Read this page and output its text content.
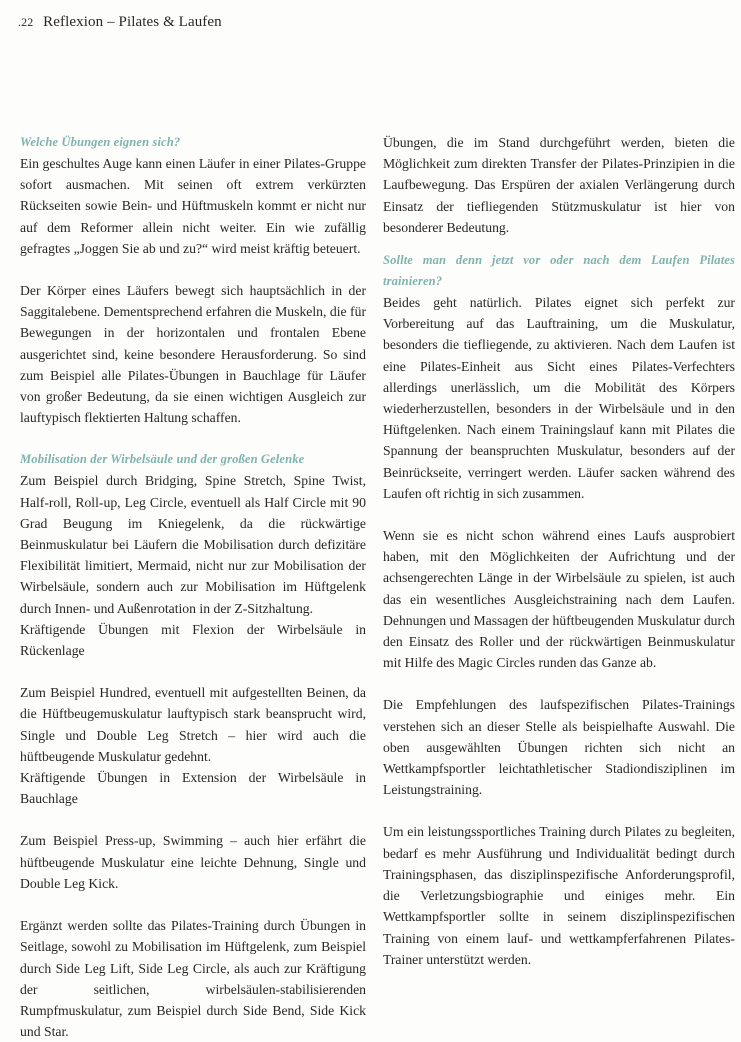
.22 Reflexion – Pilates & Laufen
Welche Übungen eignen sich?

Ein geschultes Auge kann einen Läufer in einer Pilates-Gruppe sofort ausmachen. Mit seinen oft extrem verkürzten Rückseiten sowie Bein- und Hüftmuskeln kommt er nicht nur auf dem Reformer allein nicht weiter. Ein wie zufällig gefragtes „Joggen Sie ab und zu?“ wird meist kräftig beteuert.

Der Körper eines Läufers bewegt sich hauptsächlich in der Saggitalebene. Dementsprechend erfahren die Muskeln, die für Bewegungen in der horizontalen und frontalen Ebene ausgerichtet sind, keine besondere Herausforderung. So sind zum Beispiel alle Pilates-Übungen in Bauchlage für Läufer von großer Bedeutung, da sie einen wichtigen Ausgleich zur lauftypisch flektierten Haltung schaffen.

Mobilisation der Wirbelsäule und der großen Gelenke

Zum Beispiel durch Bridging, Spine Stretch, Spine Twist, Half-roll, Roll-up, Leg Circle, eventuell als Half Circle mit 90 Grad Beugung im Kniegelenk, da die rückwärtige Beinmuskulatur bei Läufern die Mobilisation durch defizitäre Flexibilität limitiert, Mermaid, nicht nur zur Mobilisation der Wirbelsäule, sondern auch zur Mobilisation im Hüftgelenk durch Innen- und Außenrotation in der Z-Sitzhaltung.

Kräftigende Übungen mit Flexion der Wirbelsäule in Rückenlage

Zum Beispiel Hundred, eventuell mit aufgestellten Beinen, da die Hüftbeugemuskulatur lauftypisch stark beansprucht wird, Single und Double Leg Stretch – hier wird auch die hüftbeugende Muskulatur gedehnt.

Kräftigende Übungen in Extension der Wirbelsäule in Bauchlage

Zum Beispiel Press-up, Swimming – auch hier erfährt die hüftbeugende Muskulatur eine leichte Dehnung, Single und Double Leg Kick.

Ergänzt werden sollte das Pilates-Training durch Übungen in Seitlage, sowohl zu Mobilisation im Hüftgelenk, zum Beispiel durch Side Leg Lift, Side Leg Circle, als auch zur Kräftigung der seitlichen, wirbelsäulen-stabilisierenden Rumpfmuskulatur, zum Beispiel durch Side Bend, Side Kick und Star.

Übungen, die im Stand durchgeführt werden, bieten die Möglichkeit zum direkten Transfer der Pilates-Prinzipien in die Laufbewegung. Das Erspüren der axialen Verlängerung durch Einsatz der tiefliegenden Stützmuskulatur ist hier von besonderer Bedeutung.

Sollte man denn jetzt vor oder nach dem Laufen Pilates trainieren?

Beides geht natürlich. Pilates eignet sich perfekt zur Vorbereitung auf das Lauftraining, um die Muskulatur, besonders die tiefliegende, zu aktivieren. Nach dem Laufen ist eine Pilates-Einheit aus Sicht eines Pilates-Verfechters allerdings unerlässlich, um die Mobilität des Körpers wiederherzustellen, besonders in der Wirbelsäule und in den Hüftgelenken. Nach einem Trainingslauf kann mit Pilates die Spannung der beanspruchten Muskulatur, besonders auf der Beinrückseite, verringert werden. Läufer sacken während des Laufen oft richtig in sich zusammen.

Wenn sie es nicht schon während eines Laufs ausprobiert haben, mit den Möglichkeiten der Aufrichtung und der achsengerechten Länge in der Wirbelsäule zu spielen, ist auch das ein wesentliches Ausgleichstraining nach dem Laufen. Dehnungen und Massagen der hüftbeugenden Muskulatur durch den Einsatz des Roller und der rückwärtigen Beinmuskulatur mit Hilfe des Magic Circles runden das Ganze ab.

Die Empfehlungen des laufspezifischen Pilates-Trainings verstehen sich an dieser Stelle als beispielhafte Auswahl. Die oben ausgewählten Übungen richten sich nicht an Wettkampfsportler leichtathletischer Stadiondisziplinen im Leistungstraining.

Um ein leistungssportliches Training durch Pilates zu begleiten, bedarf es mehr Ausführung und Individualität bedingt durch Trainingsphasen, das disziplinspezifische Anforderungsprofil, die Verletzungsbiographie und einiges mehr. Ein Wettkampfsportler sollte in seinem disziplinspezifischen Training von einem lauf- und wettkampferfahrenen Pilates-Trainer unterstützt werden.
